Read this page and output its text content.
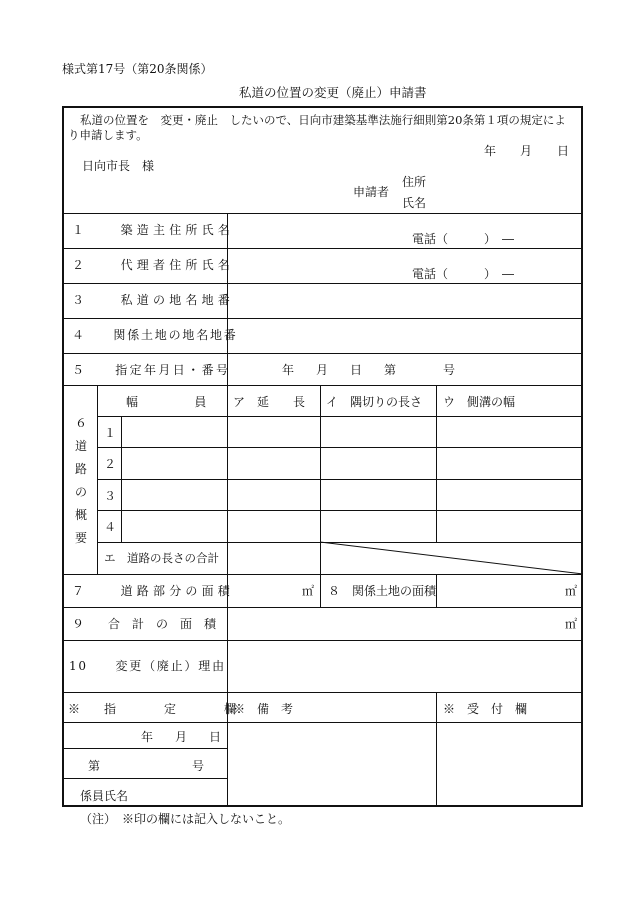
様式第17号（第20条関係）
私道の位置の変更（廃止）申請書
私道の位置を　変更・廃止　したいので、日向市建築基準法施行細則第20条第１項の規定によ
り申請します。
年 月 日
日向市長　様
申請者
住所
氏名
１　　築造主住所氏名
電話（　　　）　―
２　　代理者住所氏名
電話（　　　）　―
３　　私道の地名地番
４　　関係土地の地名地番
５　　指定年月日・番号	年 月 日 第	号
６
道
路
の
概
要
幅　　員 ア　延　　長 イ　隅切りの長さ ウ　側溝の幅
１
２
３
４
エ　道路の長さの合計
７　　道路部分の面積	㎡ ８　関係土地の面積	㎡
９　　合　計　の　面　積	㎡
10　　変更（廃止）理由
※　　指　　　　定　　　　欄
※　備　考	※　受　付　欄
年 月 日
第	号
係員氏名
（注）　※印の欄には記入しないこと。
